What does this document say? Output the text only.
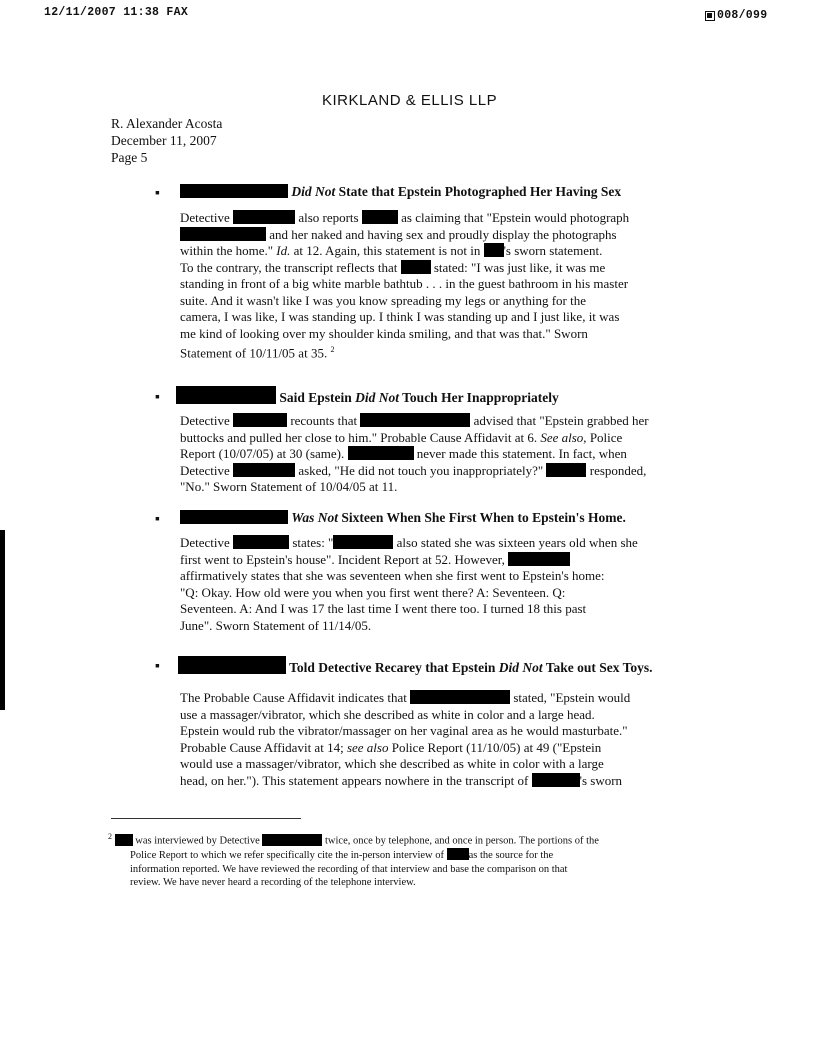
12/11/2007 11:38 FAX	008/099
KIRKLAND & ELLIS LLP
R. Alexander Acosta
December 11, 2007
Page 5
▪	Did Not State that Epstein Photographed Her Having Sex
Detective	also reports	as claiming that "Epstein would photograph
and her naked and having sex and proudly display the photographs
within the home." Id. at 12. Again, this statement is not in 's sworn statement.
To the contrary, the transcript reflects that	stated: "I was just like, it was me
standing in front of a big white marble bathtub . . . in the guest bathroom in his master
suite. And it wasn't like I was you know spreading my legs or anything for the
camera, I was like, I was standing up. I think I was standing up and I just like, it was
me kind of looking over my shoulder kinda smiling, and that was that." Sworn
Statement of 10/11/05 at 35. $^2$
▪	Said Epstein Did Not Touch Her Inappropriately
Detective	recounts that	advised that "Epstein grabbed her
buttocks and pulled her close to him." Probable Cause Affidavit at 6. See also, Police
Report (10/07/05) at 30 (same).	never made this statement. In fact, when
Detective	asked, "He did not touch you inappropriately?"	responded,
"No." Sworn Statement of 10/04/05 at 11.
▪	Was Not Sixteen When She First When to Epstein's Home.
Detective	states: "	also stated she was sixteen years old when she
first went to Epstein's house". Incident Report at 52. However,
affirmatively states that she was seventeen when she first went to Epstein's home:
"Q: Okay. How old were you when you first went there? A: Seventeen. Q:
Seventeen. A: And I was 17 the last time I went there too. I turned 18 this past
June". Sworn Statement of 11/14/05.
▪	Told Detective Recarey that Epstein Did Not Take out Sex Toys.
The Probable Cause Affidavit indicates that	stated, "Epstein would
use a massager/vibrator, which she described as white in color and a large head.
Epstein would rub the vibrator/massager on her vaginal area as he would masturbate."
Probable Cause Affidavit at 14; see also Police Report (11/10/05) at 49 ("Epstein
would use a massager/vibrator, which she described as white in color with a large
head, on her."). This statement appears nowhere in the transcript of	's sworn
$^2$ was interviewed by Detective	twice, once by telephone, and once in person. The portions of the
Police Report to which we refer specifically cite the in-person interview of as the source for the
information reported. We have reviewed the recording of that interview and base the comparison on that
review. We have never heard a recording of the telephone interview.
